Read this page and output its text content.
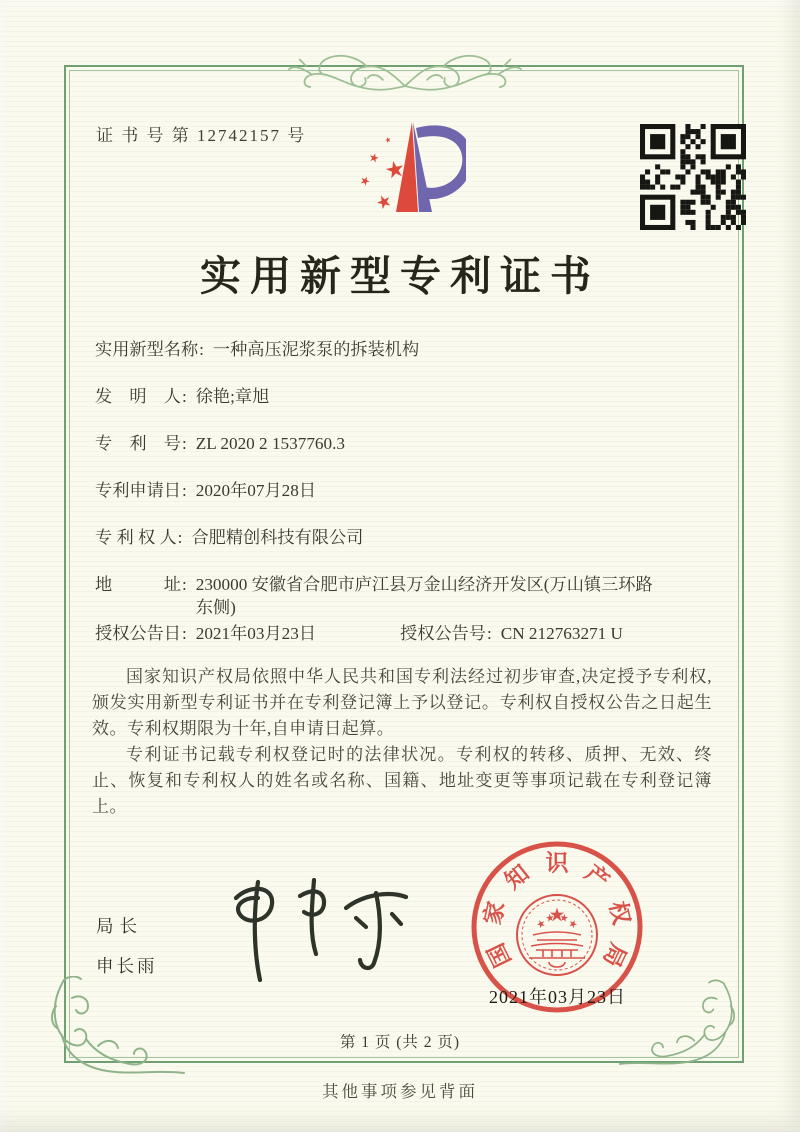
证 书 号 第 12742157 号
实用新型专利证书
实用新型名称 : 一种高压泥浆泵的拆装机构
发　明　人 : 徐艳;章旭
专　利　号 : ZL 2020 2 1537760.3
专利申请日 : 2020年07月28日
专 利 权 人 : 合肥精创科技有限公司
地　　　址 : 230000 安徽省合肥市庐江县万金山经济开发区(万山镇三环路东侧)
授权公告日 : 2021年03月23日	授权公告号 : CN 212763271 U

国家知识产权局依照中华人民共和国专利法经过初步审查,决定授予专利权,颁发实用新型专利证书并在专利登记簿上予以登记。专利权自授权公告之日起生效。专利权期限为十年,自申请日起算。

专利证书记载专利权登记时的法律状况。专利权的转移、质押、无效、终止、恢复和专利权人的姓名或名称、国籍、地址变更等事项记载在专利登记簿上。

局长
申长雨	国
家
知 识 产
权
局
2021年03月23日
第 1 页 (共 2 页)
其他事项参见背面
